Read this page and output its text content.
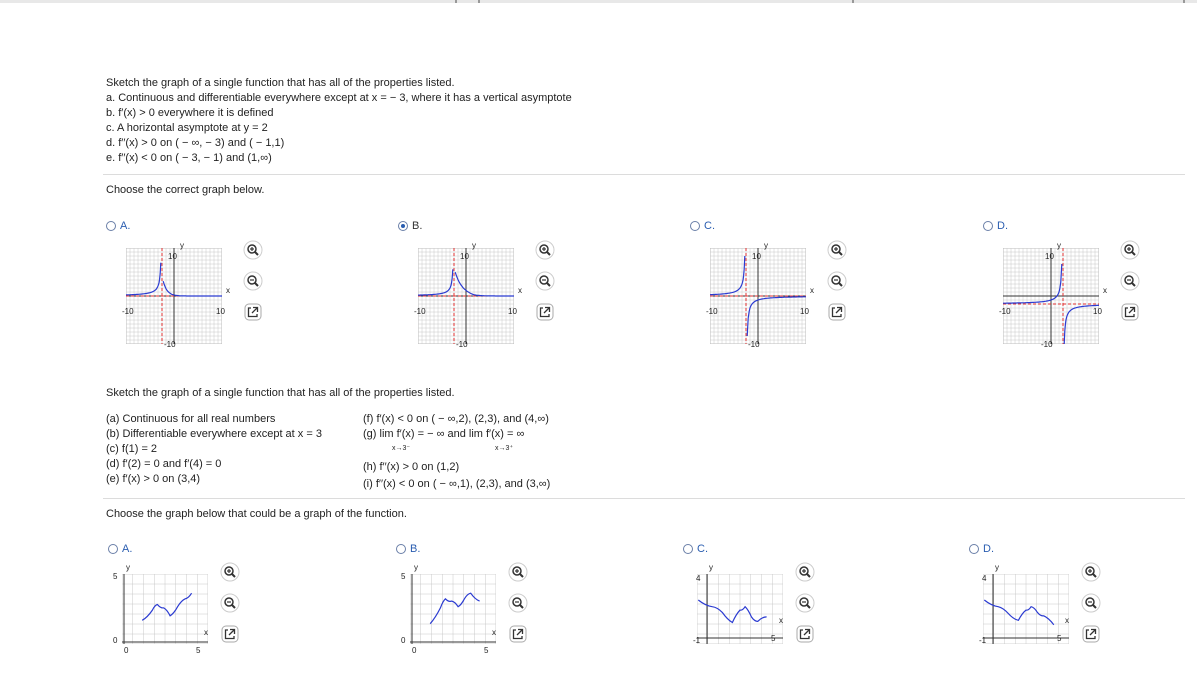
Sketch the graph of a single function that has all of the properties listed.
a. Continuous and differentiable everywhere except at x = − 3, where it has a vertical asymptote
b. f′(x) > 0 everywhere it is defined
c. A horizontal asymptote at y = 2
d. f′′(x) > 0 on ( − ∞, − 3) and ( − 1,1)
e. f′′(x) < 0 on ( − 3, − 1) and (1,∞)
Choose the correct graph below.
A.
y
x
10
-10	10
-10
B.
y
x
10
-10	10
-10
C.
y
x
10
-10	10
-10
D.
y
x
10
-10	10
-10
Sketch the graph of a single function that has all of the properties listed.
(a) Continuous for all real numbers
(b) Differentiable everywhere except at x = 3
(c) f(1) = 2
(d) f′(2) = 0 and f′(4) = 0
(e) f′(x) > 0 on (3,4)
(f) f′(x) < 0 on ( − ∞,2), (2,3), and (4,∞)
(g) lim f′(x) = − ∞ and lim f′(x) = ∞
x→3⁻	x→3⁺
(h) f′′(x) > 0 on (1,2)
(i) f′′(x) < 0 on ( − ∞,1), (2,3), and (3,∞)
Choose the graph below that could be a graph of the function.
A.
y
x
5
0
0	5
B.
y
x
5
0
0	5
C.
y
x
4
-1	5
D.
y
x
4
-1	5
